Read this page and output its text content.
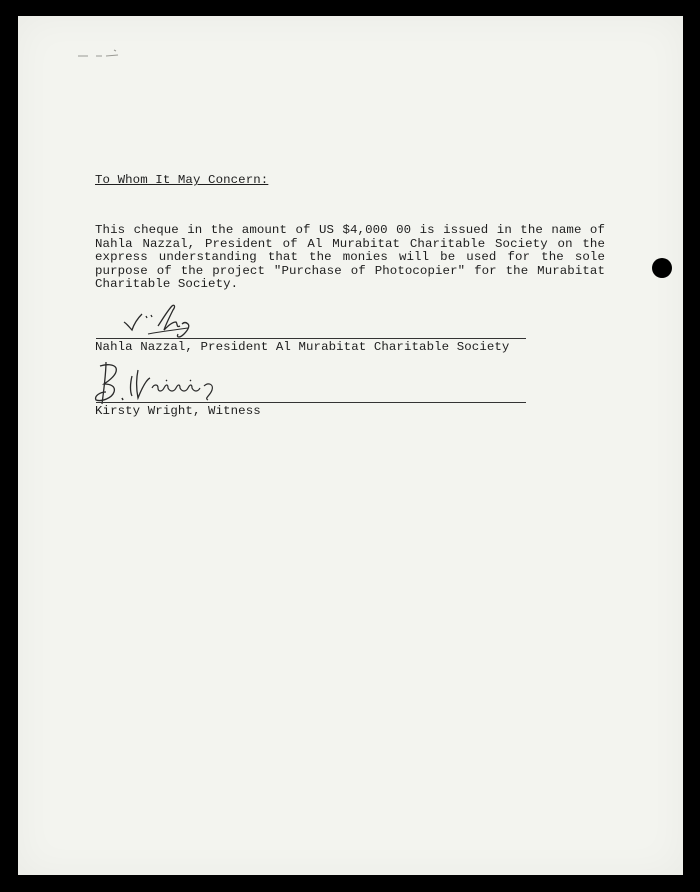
To Whom It May Concern:
This cheque in the amount of US $4,000 00 is issued in the name of
Nahla Nazzal, President of Al Murabitat Charitable Society on the
express understanding that the monies will be used for the sole
purpose of the project "Purchase of Photocopier" for the Murabitat
Charitable Society.
Nahla Nazzal, President Al Murabitat Charitable Society
Kirsty Wright, Witness
